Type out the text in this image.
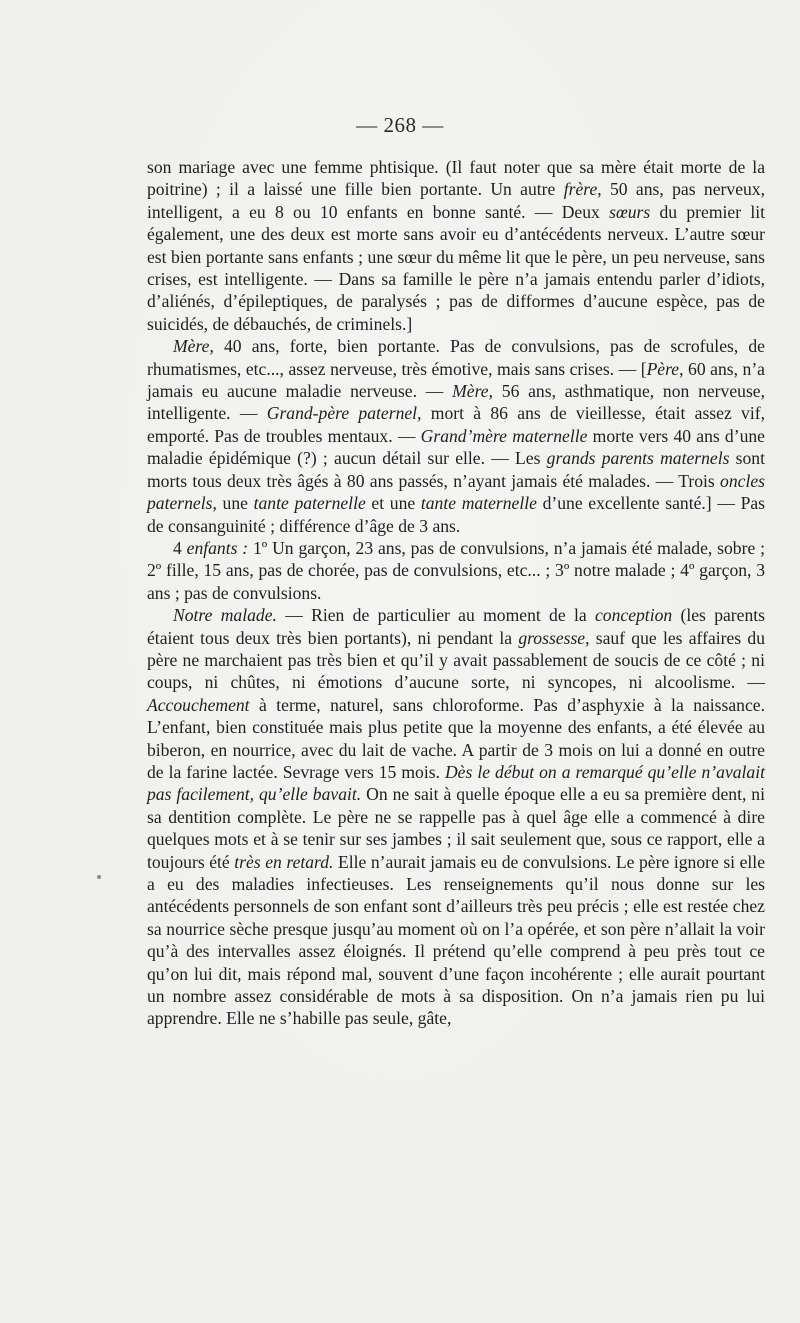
— 268 —

son mariage avec une femme phtisique. (Il faut noter que sa mère était morte de la poitrine) ; il a laissé une fille bien portante. Un autre frère, 50 ans, pas nerveux, intelligent, a eu 8 ou 10 enfants en bonne santé. — Deux sœurs du premier lit également, une des deux est morte sans avoir eu d’antécédents nerveux. L’autre sœur est bien portante sans enfants ; une sœur du même lit que le père, un peu nerveuse, sans crises, est intelligente. — Dans sa famille le père n’a jamais entendu parler d’idiots, d’aliénés, d’épileptiques, de paralysés ; pas de difformes d’aucune espèce, pas de suicidés, de débauchés, de criminels.]

Mère, 40 ans, forte, bien portante. Pas de convulsions, pas de scrofules, de rhumatismes, etc..., assez nerveuse, très émotive, mais sans crises. — [Père, 60 ans, n’a jamais eu aucune maladie nerveuse. — Mère, 56 ans, asthmatique, non nerveuse, intelligente. — Grand-père paternel, mort à 86 ans de vieillesse, était assez vif, emporté. Pas de troubles mentaux. — Grand’mère maternelle morte vers 40 ans d’une maladie épidémique (?) ; aucun détail sur elle. — Les grands parents maternels sont morts tous deux très âgés à 80 ans passés, n’ayant jamais été malades. — Trois oncles paternels, une tante paternelle et une tante maternelle d’une excellente santé.] — Pas de consanguinité ; différence d’âge de 3 ans.

4 enfants : 1º Un garçon, 23 ans, pas de convulsions, n’a jamais été malade, sobre ; 2º fille, 15 ans, pas de chorée, pas de convulsions, etc... ; 3º notre malade ; 4º garçon, 3 ans ; pas de convulsions.

Notre malade. — Rien de particulier au moment de la conception (les parents étaient tous deux très bien portants), ni pendant la grossesse, sauf que les affaires du père ne marchaient pas très bien et qu’il y avait passablement de soucis de ce côté ; ni coups, ni chûtes, ni émotions d’aucune sorte, ni syncopes, ni alcoolisme. — Accouchement à terme, naturel, sans chloroforme. Pas d’asphyxie à la naissance. L’enfant, bien constituée mais plus petite que la moyenne des enfants, a été élevée au biberon, en nourrice, avec du lait de vache. A partir de 3 mois on lui a donné en outre de la farine lactée. Sevrage vers 15 mois. Dès le début on a remarqué qu’elle n’avalait pas facilement, qu’elle bavait. On ne sait à quelle époque elle a eu sa première dent, ni sa dentition complète. Le père ne se rappelle pas à quel âge elle a commencé à dire quelques mots et à se tenir sur ses jambes ; il sait seulement que, sous ce rapport, elle a toujours été très en retard. Elle n’aurait jamais eu de convulsions. Le père ignore si elle a eu des maladies infectieuses. Les renseignements qu’il nous donne sur les antécédents personnels de son enfant sont d’ailleurs très peu précis ; elle est restée chez sa nourrice sèche presque jusqu’au moment où on l’a opérée, et son père n’allait la voir qu’à des intervalles assez éloignés. Il prétend qu’elle comprend à peu près tout ce qu’on lui dit, mais répond mal, souvent d’une façon incohérente ; elle aurait pourtant un nombre assez considérable de mots à sa disposition. On n’a jamais rien pu lui apprendre. Elle ne s’habille pas seule, gâte,
